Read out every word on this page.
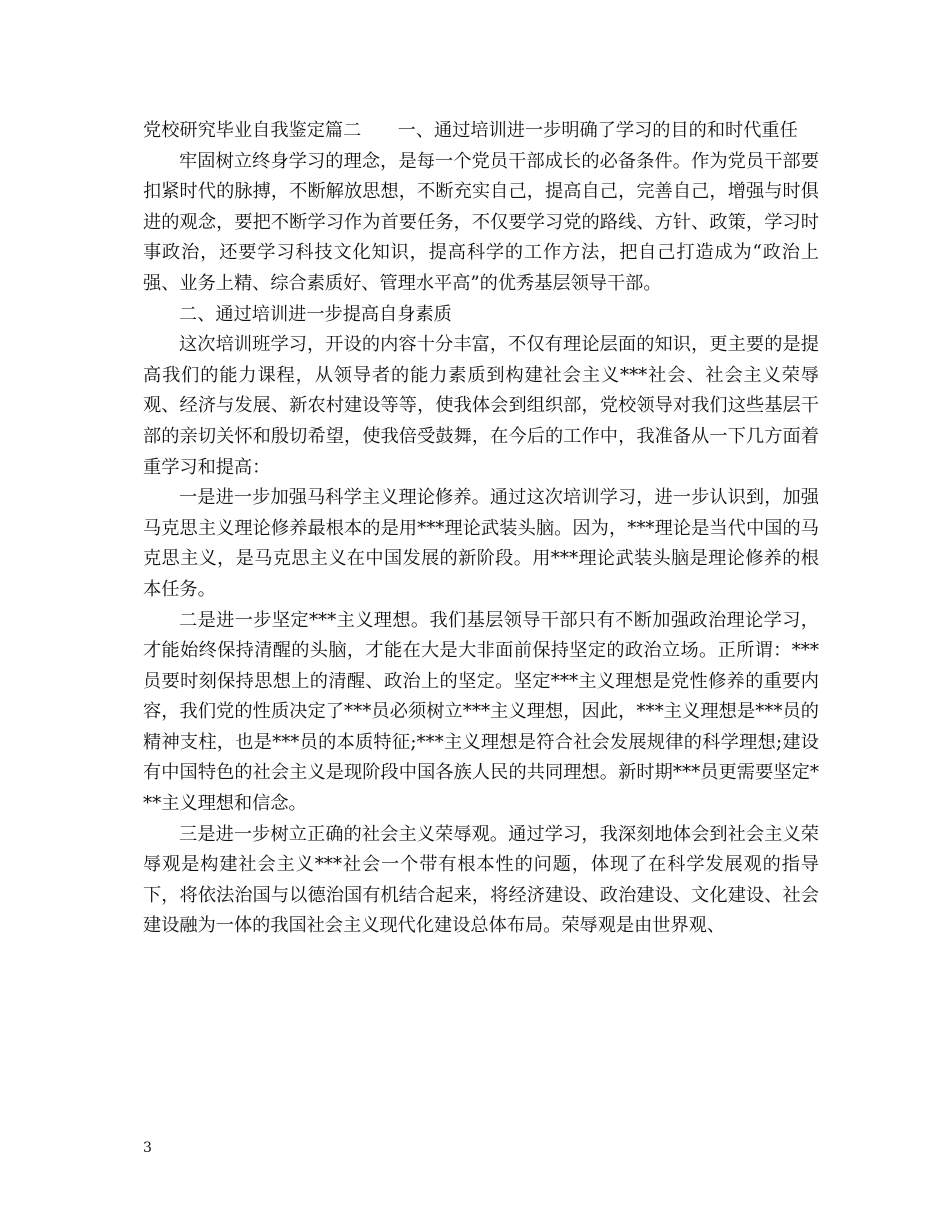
党校研究毕业自我鉴定篇二　　一、通过培训进一步明确了学习的目的和时代重任

牢固树立终身学习的理念，是每一个党员干部成长的必备条件。作为党员干部要扣紧时代的脉搏，不断解放思想，不断充实自己，提高自己，完善自己，增强与时俱进的观念，要把不断学习作为首要任务，不仅要学习党的路线、方针、政策，学习时事政治，还要学习科技文化知识，提高科学的工作方法，把自己打造成为“政治上强、业务上精、综合素质好、管理水平高”的优秀基层领导干部。

二、通过培训进一步提高自身素质

这次培训班学习，开设的内容十分丰富，不仅有理论层面的知识，更主要的是提高我们的能力课程，从领导者的能力素质到构建社会主义***社会、社会主义荣辱观、经济与发展、新农村建设等等，使我体会到组织部，党校领导对我们这些基层干部的亲切关怀和殷切希望，使我倍受鼓舞，在今后的工作中，我准备从一下几方面着重学习和提高：

一是进一步加强马科学主义理论修养。通过这次培训学习，进一步认识到，加强马克思主义理论修养最根本的是用***理论武装头脑。因为，***理论是当代中国的马克思主义，是马克思主义在中国发展的新阶段。用***理论武装头脑是理论修养的根本任务。

二是进一步坚定***主义理想。我们基层领导干部只有不断加强政治理论学习，才能始终保持清醒的头脑，才能在大是大非面前保持坚定的政治立场。正所谓：***员要时刻保持思想上的清醒、政治上的坚定。坚定***主义理想是党性修养的重要内容，我们党的性质决定了***员必须树立***主义理想，因此，***主义理想是***员的精神支柱，也是***员的本质特征;***主义理想是符合社会发展规律的科学理想;建设有中国特色的社会主义是现阶段中国各族人民的共同理想。新时期***员更需要坚定***主义理想和信念。

三是进一步树立正确的社会主义荣辱观。通过学习，我深刻地体会到社会主义荣辱观是构建社会主义***社会一个带有根本性的问题，体现了在科学发展观的指导下，将依法治国与以德治国有机结合起来，将经济建设、政治建设、文化建设、社会建设融为一体的我国社会主义现代化建设总体布局。荣辱观是由世界观、

3
